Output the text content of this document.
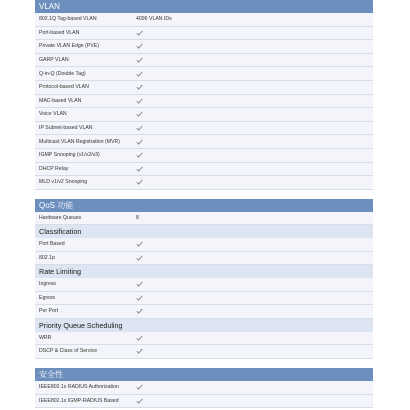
VLAN
802.1Q Tag-based VLAN	4096 VLAN IDs
Port-based VLAN
Private VLAN Edge (PVE)
GARP VLAN
Q-in-Q (Double Tag)
Protocol-based VLAN
MAC-based VLAN
Voice VLAN
IP Subnet-based VLAN
Multicast VLAN Registration (MVR)
IGMP Snooping (v1/v2/v3)
DHCP Relay
MLD v1/v2 Snooping
QoS 功能
Hardware Queues	8
Classification
Port Based
802.1p
Rate Limiting
Ingress
Egress
Per Port
Priority Queue Scheduling
WRR
DSCP & Class of Service
安全性
IEEE802.1x RADIUS Authorization
IEEE802.1x IGMP-RADIUS Based
